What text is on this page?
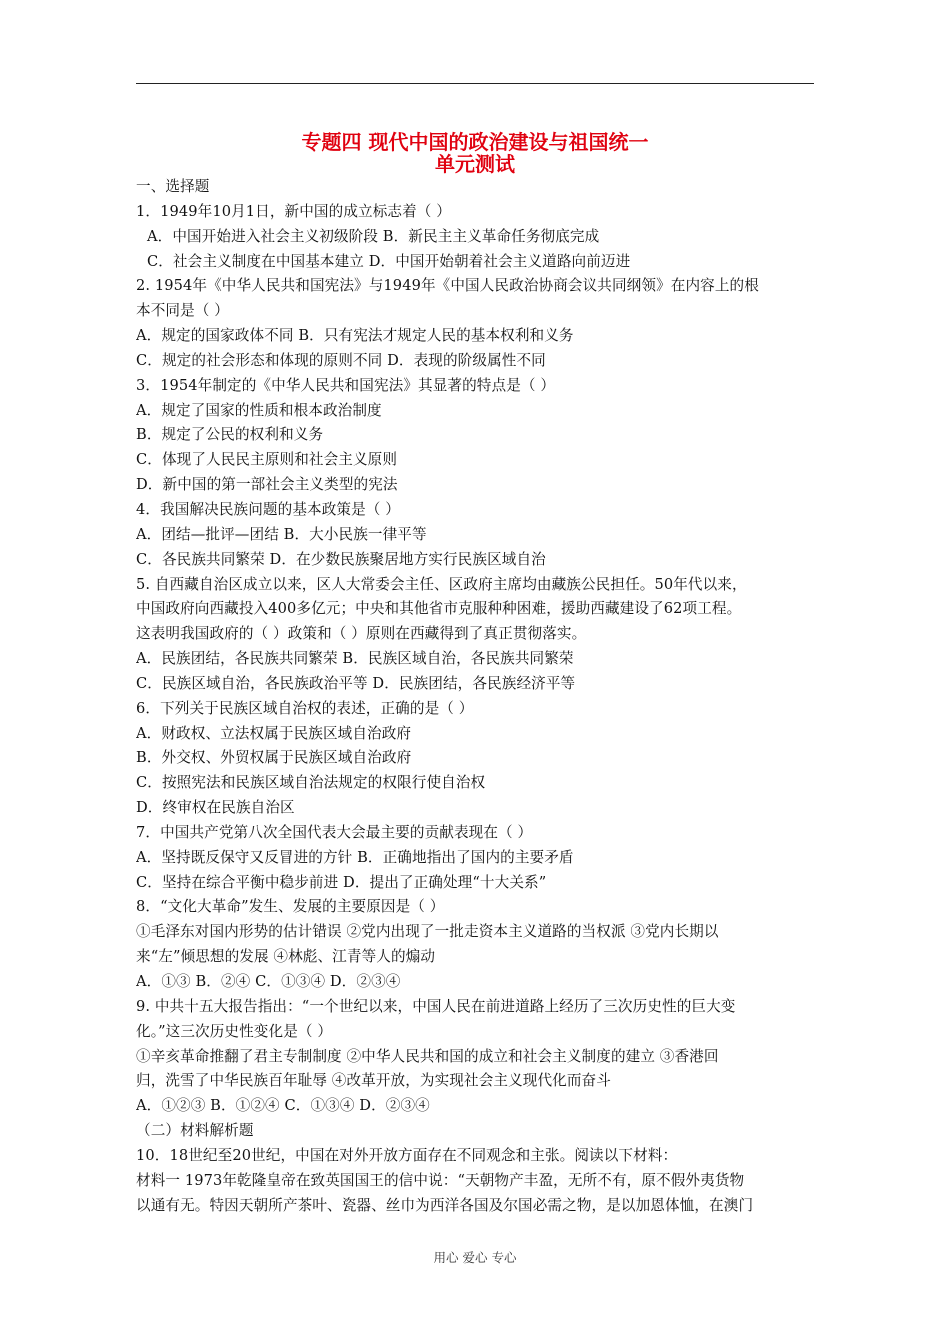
专题四 现代中国的政治建设与祖国统一
单元测试
一、选择题
1．1949年10月1日，新中国的成立标志着（ ）
A．中国开始进入社会主义初级阶段 B．新民主主义革命任务彻底完成
C．社会主义制度在中国基本建立 D．中国开始朝着社会主义道路向前迈进
2. 1954年《中华人民共和国宪法》与1949年《中国人民政治协商会议共同纲领》在内容上的根
本不同是（ ）
A．规定的国家政体不同 B．只有宪法才规定人民的基本权利和义务
C．规定的社会形态和体现的原则不同 D．表现的阶级属性不同
3．1954年制定的《中华人民共和国宪法》其显著的特点是（ ）
A．规定了国家的性质和根本政治制度
B．规定了公民的权利和义务
C．体现了人民民主原则和社会主义原则
D．新中国的第一部社会主义类型的宪法
4．我国解决民族问题的基本政策是（ ）
A．团结—批评—团结 B．大小民族一律平等
C．各民族共同繁荣 D．在少数民族聚居地方实行民族区域自治
5. 自西藏自治区成立以来，区人大常委会主任、区政府主席均由藏族公民担任。50年代以来，
中国政府向西藏投入400多亿元；中央和其他省市克服种种困难，援助西藏建设了62项工程。
这表明我国政府的（ ）政策和（ ）原则在西藏得到了真正贯彻落实。
A．民族团结，各民族共同繁荣 B．民族区域自治，各民族共同繁荣
C．民族区域自治，各民族政治平等 D．民族团结，各民族经济平等
6．下列关于民族区域自治权的表述，正确的是（ ）
A．财政权、立法权属于民族区域自治政府
B．外交权、外贸权属于民族区域自治政府
C．按照宪法和民族区域自治法规定的权限行使自治权
D．终审权在民族自治区
7．中国共产党第八次全国代表大会最主要的贡献表现在（ ）
A．坚持既反保守又反冒进的方针 B．正确地指出了国内的主要矛盾
C．坚持在综合平衡中稳步前进 D．提出了正确处理“十大关系”
8．“文化大革命”发生、发展的主要原因是（ ）
①毛泽东对国内形势的估计错误 ②党内出现了一批走资本主义道路的当权派 ③党内长期以
来“左”倾思想的发展 ④林彪、江青等人的煽动
A．①③ B．②④ C．①③④ D．②③④
9. 中共十五大报告指出：“一个世纪以来，中国人民在前进道路上经历了三次历史性的巨大变
化。”这三次历史性变化是（ ）
①辛亥革命推翻了君主专制制度 ②中华人民共和国的成立和社会主义制度的建立 ③香港回
归，洗雪了中华民族百年耻辱 ④改革开放，为实现社会主义现代化而奋斗
A．①②③ B．①②④ C．①③④ D．②③④
（二）材料解析题
10．18世纪至20世纪，中国在对外开放方面存在不同观念和主张。阅读以下材料：
材料一 1973年乾隆皇帝在致英国国王的信中说：“天朝物产丰盈，无所不有，原不假外夷货物
以通有无。特因天朝所产茶叶、瓷器、丝巾为西洋各国及尔国必需之物，是以加恩体恤，在澳门
用心 爱心 专心
